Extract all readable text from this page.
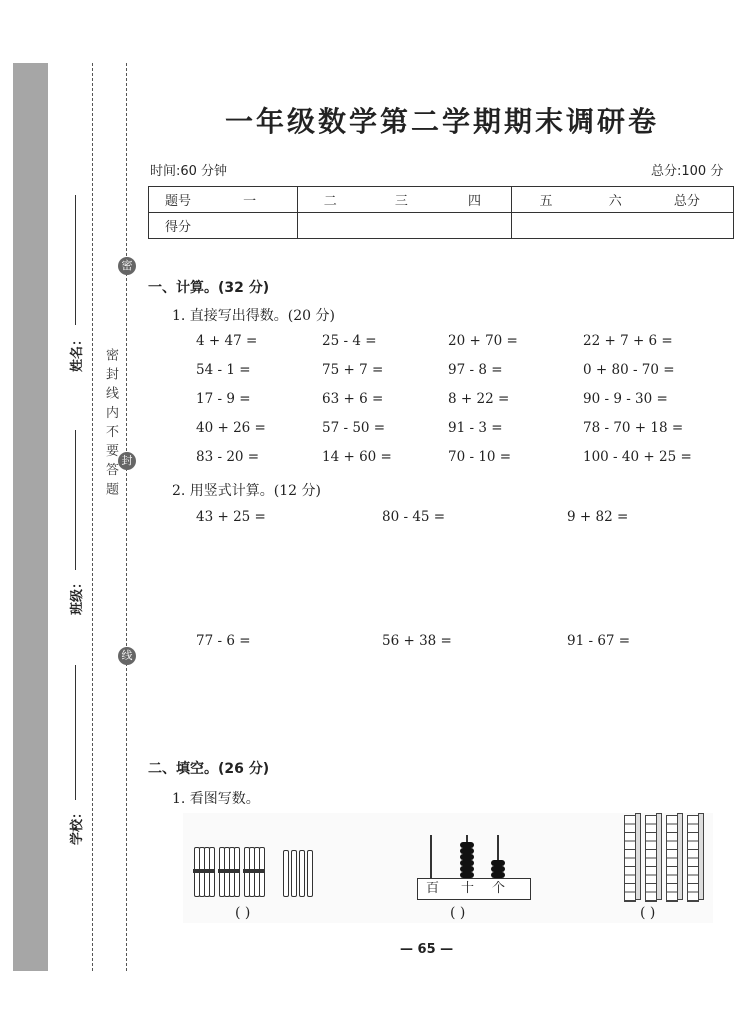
姓名：
班级：
学校：
密 封 线 内 不 要 答 题
密
封
线
一年级数学第二学期期末调研卷
时间:60 分钟	总分:100 分
题号 一	二 三 四	五 六 总分
得分		
一、计算。(32 分)
1. 直接写出得数。(20 分)
4 + 47 =	25 - 4 =	20 + 70 =	22 + 7 + 6 =
54 - 1 =	75 + 7 =	97 - 8 =	0 + 80 - 70 =
17 - 9 =	63 + 6 =	8 + 22 =	90 - 9 - 30 =
40 + 26 =	57 - 50 =	91 - 3 =	78 - 70 + 18 =
83 - 20 =	14 + 60 =	70 - 10 =	100 - 40 + 25 =
2. 用竖式计算。(12 分)
43 + 25 =	80 - 45 =	9 + 82 =
77 - 6 =	56 + 38 =	91 - 67 =
二、填空。(26 分)
1. 看图写数。
百 十 个
( )	( )	( )
— 65 —
